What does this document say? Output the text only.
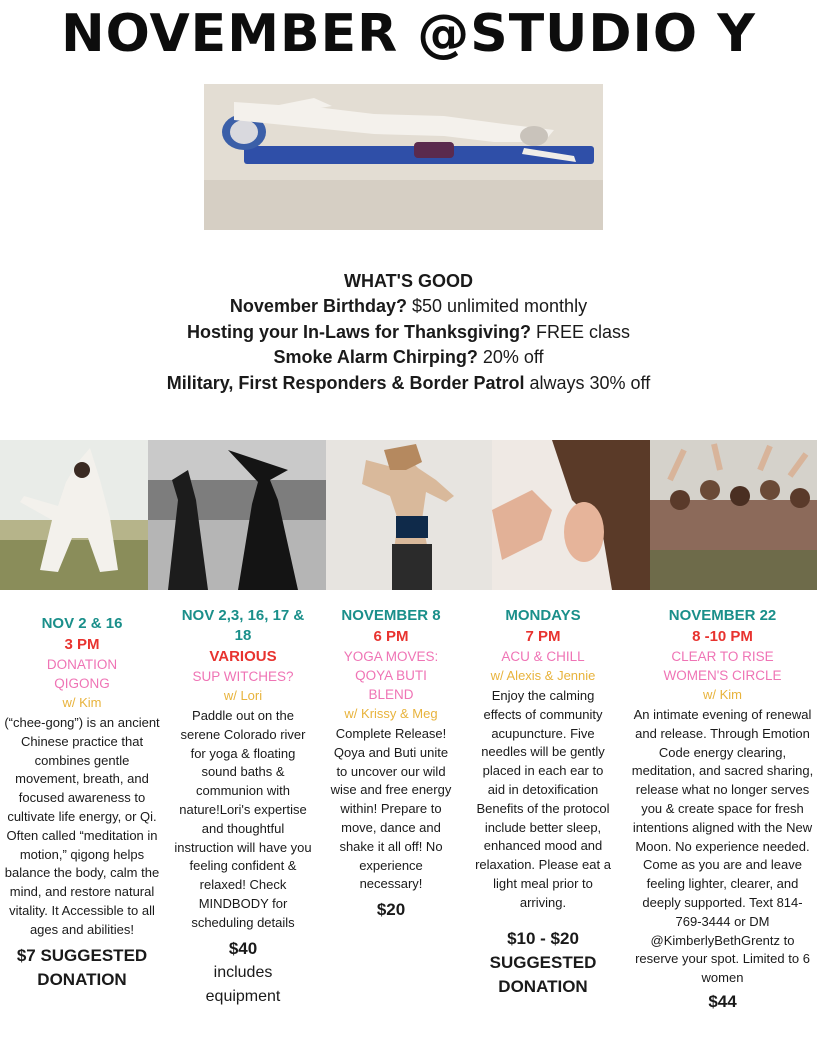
NOVEMBER @STUDIO Y
WHAT'S GOOD
November Birthday? $50 unlimited monthly
Hosting your In-Laws for Thanksgiving? FREE class
Smoke Alarm Chirping? 20% off
Military, First Responders & Border Patrol always 30% off
NOV 2 & 16
3 PM
DONATION QIGONG
w/ Kim
(“chee-gong”) is an ancient Chinese practice that combines gentle movement, breath, and focused awareness to cultivate life energy, or Qi. Often called “meditation in motion,” qigong helps balance the body, calm the mind, and restore natural vitality. It Accessible to all ages and abilities!
$7 SUGGESTED DONATION
NOV 2,3, 16, 17 & 18
VARIOUS
SUP WITCHES?
w/ Lori
Paddle out on the serene Colorado river for yoga & floating sound baths & communion with nature!Lori's expertise and thoughtful instruction will have you feeling confident & relaxed! Check MINDBODY for scheduling details
$40
includes equipment
NOVEMBER 8
6 PM
YOGA MOVES: QOYA BUTI BLEND
w/ Krissy & Meg
Complete Release! Qoya and Buti unite to uncover our wild wise and free energy within! Prepare to move, dance and shake it all off! No experience necessary!
$20
MONDAYS
7 PM
ACU & CHILL
w/ Alexis & Jennie
Enjoy the calming effects of community acupuncture. Five needles will be gently placed in each ear to aid in detoxification Benefits of the protocol include better sleep, enhanced mood and relaxation. Please eat a light meal prior to arriving.
$10 - $20 SUGGESTED DONATION
NOVEMBER 22
8 -10 PM
CLEAR TO RISE WOMEN'S CIRCLE
w/ Kim
An intimate evening of renewal and release. Through Emotion Code energy clearing, meditation, and sacred sharing, release what no longer serves you & create space for fresh intentions aligned with the New Moon. No experience needed. Come as you are and leave feeling lighter, clearer, and deeply supported. Text 814-769-3444 or DM @KimberlyBethGrentz to reserve your spot. Limited to 6 women
$44
